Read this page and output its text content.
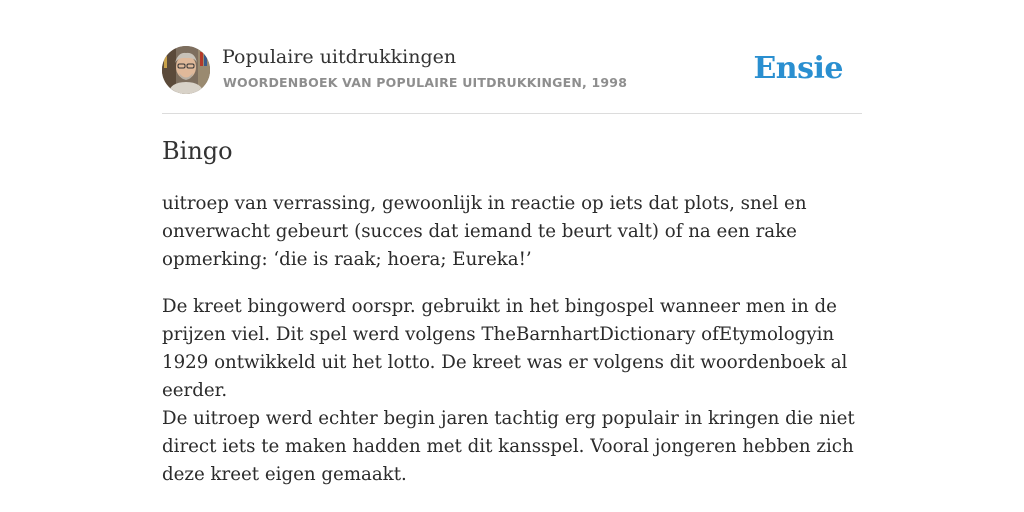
Populaire uitdrukkingen
WOORDENBOEK VAN POPULAIRE UITDRUKKINGEN, 1998	Ensie
Bingo

uitroep van verrassing, gewoonlijk in reactie op iets dat plots, snel en onverwacht gebeurt (succes dat iemand te beurt valt) of na een rake opmerking: ‘die is raak; hoera; Eureka!’

De kreet bingowerd oorspr. gebruikt in het bingospel wanneer men in de prijzen viel. Dit spel werd volgens TheBarnhartDictionary ofEtymologyin 1929 ontwikkeld uit het lotto. De kreet was er volgens dit woordenboek al eerder.

De uitroep werd echter begin jaren tachtig erg populair in kringen die niet direct iets te maken hadden met dit kansspel. Vooral jongeren hebben zich deze kreet eigen gemaakt.
